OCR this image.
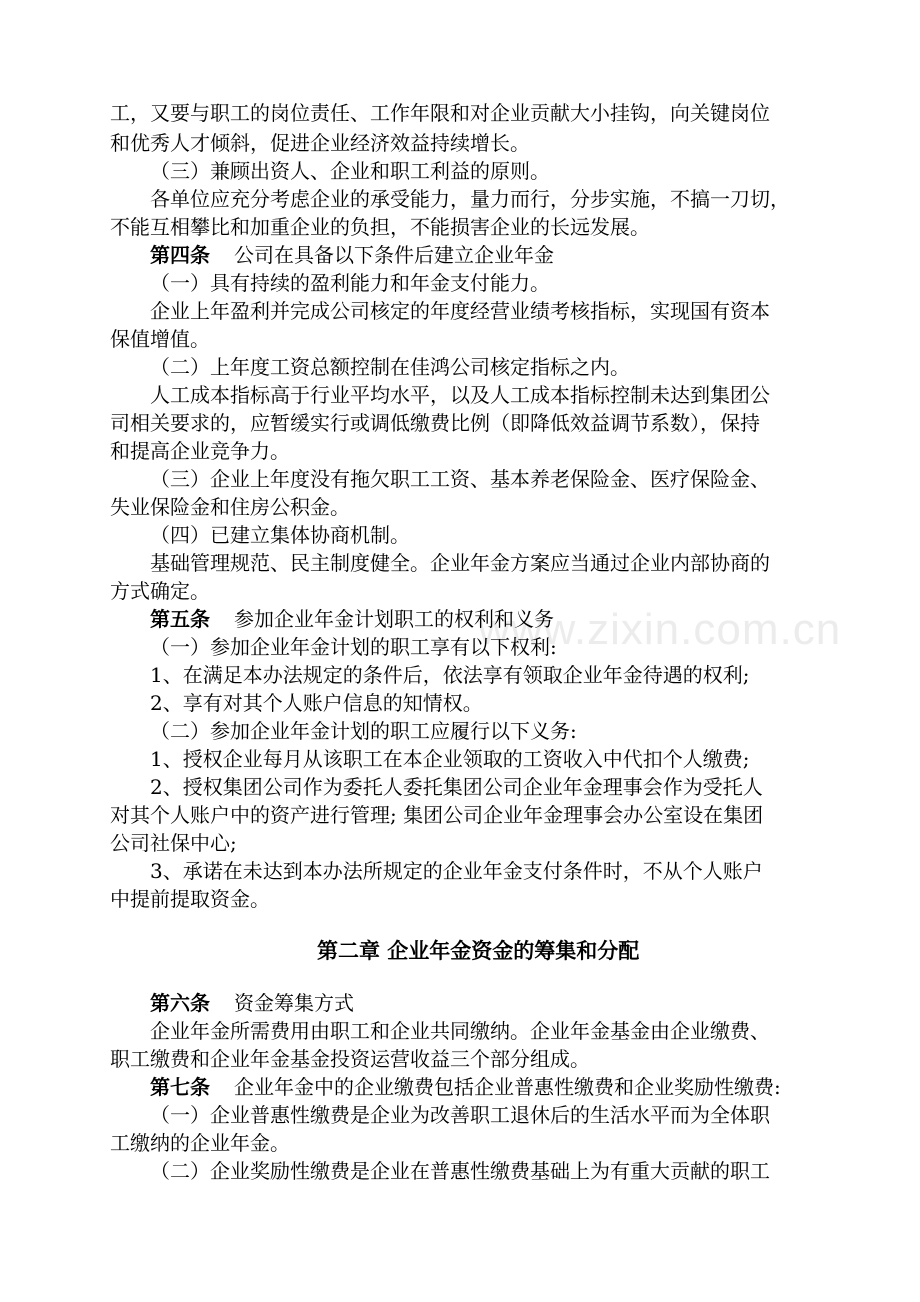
www.zixin.com.cn
工，又要与职工的岗位责任、工作年限和对企业贡献大小挂钩，向关键岗位
和优秀人才倾斜，促进企业经济效益持续增长。
（三）兼顾出资人、企业和职工利益的原则。
各单位应充分考虑企业的承受能力，量力而行，分步实施，不搞一刀切，
不能互相攀比和加重企业的负担，不能损害企业的长远发展。
第四条 公司在具备以下条件后建立企业年金
（一）具有持续的盈利能力和年金支付能力。
企业上年盈利并完成公司核定的年度经营业绩考核指标，实现国有资本
保值增值。
（二）上年度工资总额控制在佳鸿公司核定指标之内。
人工成本指标高于行业平均水平，以及人工成本指标控制未达到集团公
司相关要求的，应暂缓实行或调低缴费比例（即降低效益调节系数），保持
和提高企业竞争力。
（三）企业上年度没有拖欠职工工资、基本养老保险金、医疗保险金、
失业保险金和住房公积金。
（四）已建立集体协商机制。
基础管理规范、民主制度健全。企业年金方案应当通过企业内部协商的
方式确定。
第五条 参加企业年金计划职工的权利和义务
（一）参加企业年金计划的职工享有以下权利:
1、在满足本办法规定的条件后，依法享有领取企业年金待遇的权利;
2、享有对其个人账户信息的知情权。
（二）参加企业年金计划的职工应履行以下义务:
1、授权企业每月从该职工在本企业领取的工资收入中代扣个人缴费;
2、授权集团公司作为委托人委托集团公司企业年金理事会作为受托人
对其个人账户中的资产进行管理; 集团公司企业年金理事会办公室设在集团
公司社保中心;
3、承诺在未达到本办法所规定的企业年金支付条件时，不从个人账户
中提前提取资金。
第二章 企业年金资金的筹集和分配
第六条 资金筹集方式
企业年金所需费用由职工和企业共同缴纳。企业年金基金由企业缴费、
职工缴费和企业年金基金投资运营收益三个部分组成。
第七条 企业年金中的企业缴费包括企业普惠性缴费和企业奖励性缴费:
（一）企业普惠性缴费是企业为改善职工退休后的生活水平而为全体职
工缴纳的企业年金。
（二）企业奖励性缴费是企业在普惠性缴费基础上为有重大贡献的职工
